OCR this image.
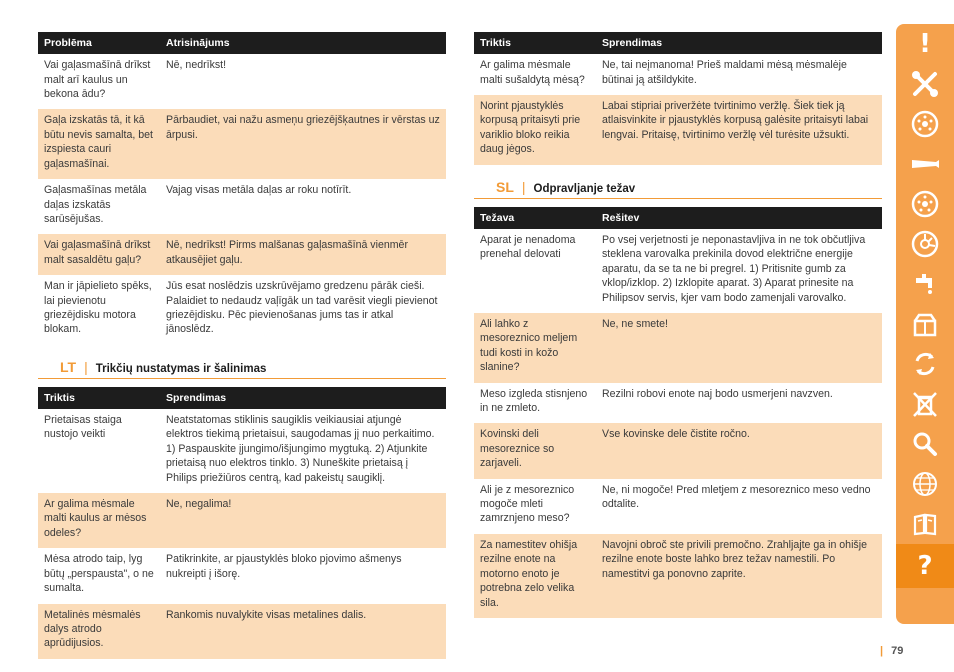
Problēma	Atrisinājums
Vai gaļasmašīnā drīkst malt arī kaulus un bekona ādu?	Nē, nedrīkst!
Gaļa izskatās tā, it kā būtu nevis samalta, bet izspiesta cauri gaļasmašīnai.	Pārbaudiet, vai nažu asmeņu griezējšķautnes ir vērstas uz ārpusi.
Gaļasmašīnas metāla daļas izskatās sarūsējušas.	Vajag visas metāla daļas ar roku notīrīt.
Vai gaļasmašīnā drīkst malt sasaldētu gaļu?	Nē, nedrīkst! Pirms malšanas gaļasmašīnā vienmēr atkausējiet gaļu.
Man ir jāpielieto spēks, lai pievienotu griezējdisku motora blokam.	Jūs esat noslēdzis uzskrūvējamo gredzenu pārāk cieši. Palaidiet to nedaudz vaļīgāk un tad varēsit viegli pievienot griezējdisku. Pēc pievienošanas jums tas ir atkal jānoslēdz.
LT | Trikčių nustatymas ir šalinimas
Triktis	Sprendimas
Prietaisas staiga nustojo veikti	Neatstatomas stiklinis saugiklis veikiausiai atjungė elektros tiekimą prietaisui, saugodamas jį nuo perkaitimo. 1) Paspauskite įjungimo/išjungimo mygtuką. 2) Atjunkite prietaisą nuo elektros tinklo. 3) Nuneškite prietaisą į Philips priežiūros centrą, kad pakeistų saugiklį.
Ar galima mėsmale malti kaulus ar mėsos odeles?	Ne, negalima!
Mėsa atrodo taip, lyg būtų „perspausta", o ne sumalta.	Patikrinkite, ar pjaustyklės bloko pjovimo ašmenys nukreipti į išorę.
Metalinės mėsmalės dalys atrodo aprūdijusios.	Rankomis nuvalykite visas metalines dalis.
Triktis	Sprendimas
Ar galima mėsmale malti sušaldytą mėsą?	Ne, tai neįmanoma! Prieš maldami mėsą mėsmalėje būtinai ją atšildykite.
Norint pjaustyklės korpusą pritaisyti prie variklio bloko reikia daug jėgos.	Labai stipriai priveržėte tvirtinimo veržlę. Šiek tiek ją atlaisvinkite ir pjaustyklės korpusą galėsite pritaisyti labai lengvai. Pritaisę, tvirtinimo veržlę vėl turėsite užsukti.
SL | Odpravljanje težav
Težava	Rešitev
Aparat je nenadoma prenehal delovati	Po vsej verjetnosti je neponastavljiva in ne tok občutljiva steklena varovalka prekinila dovod električne energije aparatu, da se ta ne bi pregrel. 1) Pritisnite gumb za vklop/izklop. 2) Izklopite aparat. 3) Aparat prinesite na Philipsov servis, kjer vam bodo zamenjali varovalko.
Ali lahko z mesoreznico meljem tudi kosti in kožo slanine?	Ne, ne smete!
Meso izgleda stisnjeno in ne zmleto.	Rezilni robovi enote naj bodo usmerjeni navzven.
Kovinski deli mesoreznice so zarjaveli.	Vse kovinske dele čistite ročno.
Ali je z mesoreznico mogoče mleti zamrznjeno meso?	Ne, ni mogoče! Pred mletjem z mesoreznico meso vedno odtalite.
Za namestitev ohišja rezilne enote na motorno enoto je potrebna zelo velika sila.	Navojni obroč ste privili premočno. Zrahljajte ga in ohišje rezilne enote boste lahko brez težav namestili. Po namestitvi ga ponovno zaprite.
!
?
| 79
